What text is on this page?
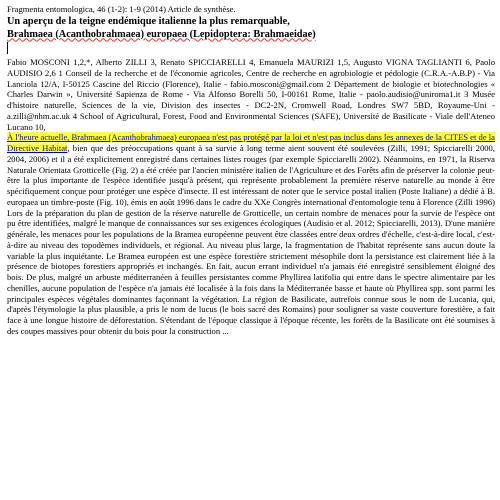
Fragmenta entomologica, 46 (1-2): 1-9 (2014) Article de synthèse.
Un aperçu de la teigne endémique italienne la plus remarquable,
Brahmaea (Acanthobrahmaea) europaea (Lepidoptera: Brahmaeidae)
Fabio MOSCONI 1,2,*, Alberto ZILLI 3, Renato SPICCIARELLI 4, Emanuela MAURIZI 1,5, Augusto VIGNA TAGLIANTI 6, Paolo AUDISIO 2,6 1 Conseil de la recherche et de l'économie agricoles, Centre de recherche en agrobiologie et pédologie (C.R.A.-A.B.P) - Via Lanciola 12/A, I-50125 Cascine del Riccio (Florence), Italie - fabio.mosconi@gmail.com 2 Département de biologie et biotechnologies « Charles Darwin », Université Sapienza de Rome - Via Alfonso Borelli 50, I-00161 Rome, Italie - paolo.audisio@uniroma1.it 3 Musée d'histoire naturelle, Sciences de la vie, Division des insectes - DC2-2N, Cromwell Road, Londres SW7 5BD, Royaume-Uni - a.zilli@nhm.ac.uk 4 School of Agricultural, Forest, Food and Environmental Sciences (SAFE), Université de Basilicate - Viale dell'Ateneo Lucano 10,
À l'heure actuelle, Brahmaea (Acanthobrahmaea) europaea n'est pas protégé par la loi et n'est pas inclus dans les annexes de la CITES et de la Directive Habitat, bien que des préoccupations quant à sa survie à long terme aient souvent été soulevées (Zilli, 1991; Spicciarelli 2000, 2004, 2006) et il a été explicitement enregistré dans certaines listes rouges (par exemple Spicciarelli 2002). Néanmoins, en 1971, la Riserva Naturale Orientata Grotticelle (Fig. 2) a été créée par l'ancien ministère italien de l'Agriculture et des Forêts afin de préserver la colonie peut-être la plus importante de l'espèce identifiée jusqu'à présent, qui représente probablement la première réserve naturelle au monde à être spécifiquement conçue pour protéger une espèce d'insecte. Il est intéressant de noter que le service postal italien (Poste Italiane) a dédié à B. europaea un timbre-poste (Fig. 10), émis en août 1996 dans le cadre du XXe Congrès international d'entomologie tenu à Florence (Zilli 1996) Lors de la préparation du plan de gestion de la réserve naturelle de Grotticelle, un certain nombre de menaces pour la survie de l'espèce ont pu être identifiées, malgré le manque de connaissances sur ses exigences écologiques (Audisio et al. 2012; Spicciarelli, 2013). D'une manière générale, les menaces pour les populations de la Bramea européenne peuvent être classées entre deux ordres d'échelle, c'est-à-dire local, c'est-à-dire au niveau des topodèmes individuels, et régional. Au niveau plus large, la fragmentation de l'habitat représente sans aucun doute la variable la plus inquiétante. Le Bramea européen est une espèce forestière strictement mésophile dont la persistance est clairement liée à la présence de biotopes forestiers appropriés et inchangés. En fait, aucun errant individuel n'a jamais été enregistré sensiblement éloigné des bois. De plus, malgré un arbuste méditerranéen à feuilles persistantes comme Phyllirea latifolia qui entre dans le spectre alimentaire par les chenilles, aucune population de l'espèce n'a jamais été localisée à la fois dans la Méditerranée basse et haute où Phyllirea spp. sont parmi les principales espèces végétales dominantes façonnant la végétation. La région de Basilicate, autrefois connue sous le nom de Lucania, qui, d'après l'étymologie la plus plausible, a pris le nom de lucus (le bois sacré des Romains) pour souligner sa vaste couverture forestière, a fait face à une longue histoire de déforestation. S'étendant de l'époque classique à l'époque récente, les forêts de la Basilicate ont été soumises à des coupes massives pour obtenir du bois pour la construction ...
